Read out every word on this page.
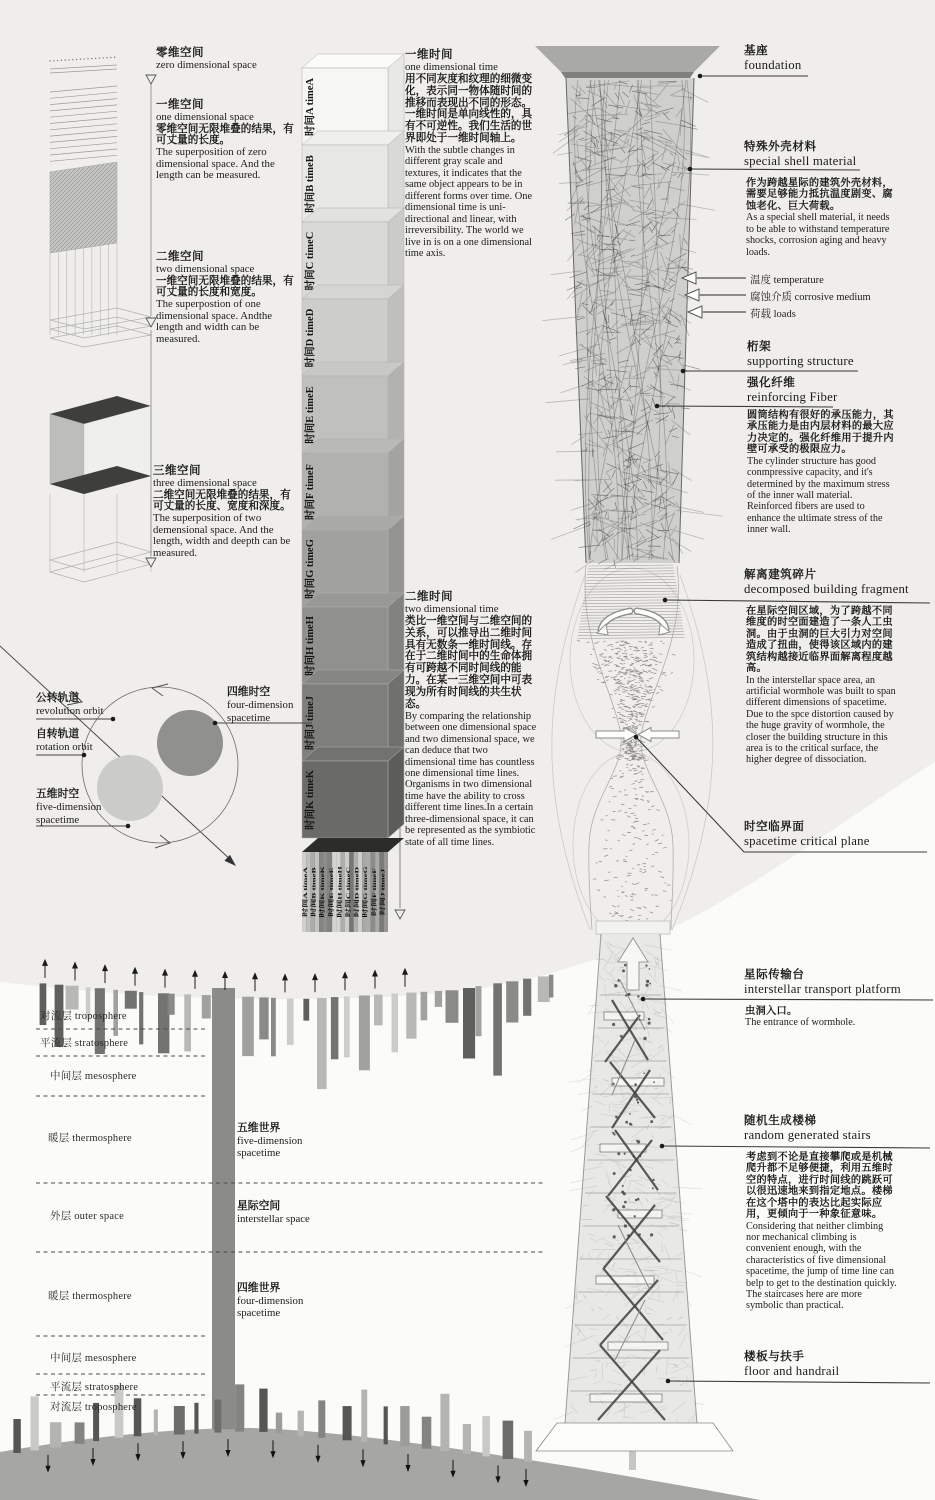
时间A timeA
时间B timeB
时间C timeC
时间D timeD
时间E timeE
时间F timeF
时间G timeG
时间H timeH
时间J timeJ
时间K timeK
时间A timeA 时间B timeB 时间K timeK 时间E timeE 时间H timeH 时间C timeC 时间D timeD 时间G timeG 时间F timeF 时间J timeJ
零维空间
zero dimensional space
一维空间
one dimensional space
零维空间无限堆叠的结果，有可丈量的长度。
The superposition of zero dimensional space. And the length can be measured.
二维空间
two dimensional space
一维空间无限堆叠的结果，有可丈量的长度和宽度。
The superpostion of one dimensional space. Andthe length and width can be measured.
三维空间
three dimensional space
二维空间无限堆叠的结果，有可丈量的长度、宽度和深度。
The superposition of two demensional space. And the length, width and deepth can be measured.
一维时间
one dimensional time
用不同灰度和纹理的细微变化，表示同一物体随时间的推移而表现出不同的形态。一维时间是单向线性的，具有不可逆性。我们生活的世界即处于一维时间轴上。
With the subtle changes in different gray scale and textures, it indicates that the same object appears to be in different forms over time. One dimensional time is uni-directional and linear, with irreversibility. The world we live in is on a one dimensional time axis.
二维时间
two dimensional time
类比一维空间与二维空间的关系，可以推导出二维时间具有无数条一维时间线。存在于二维时间中的生命体拥有可跨越不同时间线的能力。在某一三维空间中可表现为所有时间线的共生状态。
By comparing the relationship between one dimensional space and two dimensional space, we can deduce that two dimensional time has countless one dimensional time lines. Organisms in two dimensional time have the ability to cross different time lines.In a certain three-dimensional space, it can be represented as the symbiotic state of all time lines.
公转轨道
revolution orbit
自转轨道
rotation orbit
四维时空
four-dimension spacetime
五维时空
five-dimension spacetime
基座
foundation
特殊外壳材料
special shell material
作为跨越星际的建筑外壳材料，需要足够能力抵抗温度剧变、腐蚀老化、巨大荷载。
As a special shell material, it needs to be able to withstand temperature shocks, corrosion aging and heavy loads.
温度 temperature
腐蚀介质 corrosive medium
荷载 loads
桁架
supporting structure
强化纤维
reinforcing Fiber
圆筒结构有很好的承压能力，其承压能力是由内层材料的最大应力决定的。强化纤维用于提升内壁可承受的极限应力。
The cylinder structure has good conmpressive capacity, and it's determined by the maximum stress of the inner wall material. Reinforced fibers are used to enhance the ultimate stress of the inner wall.
解离建筑碎片
decomposed building fragment
在星际空间区域，为了跨越不同维度的时空面建造了一条人工虫洞。由于虫洞的巨大引力对空间造成了扭曲，使得该区域内的建筑结构越接近临界面解离程度越高。
In the interstellar space area, an artificial wormhole was built to span different dimensions of spacetime. Due to the spce distortion caused by the huge gravity of wormhole, the closer the building structure in this area is to the critical surface, the higher degree of dissociation.
时空临界面
spacetime critical plane
星际传输台
interstellar transport platform
虫洞入口。
The entrance of wormhole.
随机生成楼梯
random generated stairs
考虑到不论是直接攀爬或是机械爬升都不足够便捷，利用五维时空的特点，进行时间线的跳跃可以很迅速地来到指定地点。楼梯在这个塔中的表达比起实际应用，更倾向于一种象征意味。
Considering that neither climbing nor mechanical climbing is convenient enough, with the characteristics of five dimensional spacetime, the jump of time line can belp to get to the destination quickly. The staircases here are more symbolic than practical.
楼板与扶手
floor and handrail
对流层 troposphere
平流层 stratosphere
中间层 mesosphere
暖层 thermosphere
外层 outer space
暖层 thermosphere
中间层 mesosphere
平流层 stratosphere
对流层 troposphere
五维世界
five-dimension spacetime
星际空间
interstellar space
四维世界
four-dimension spacetime
